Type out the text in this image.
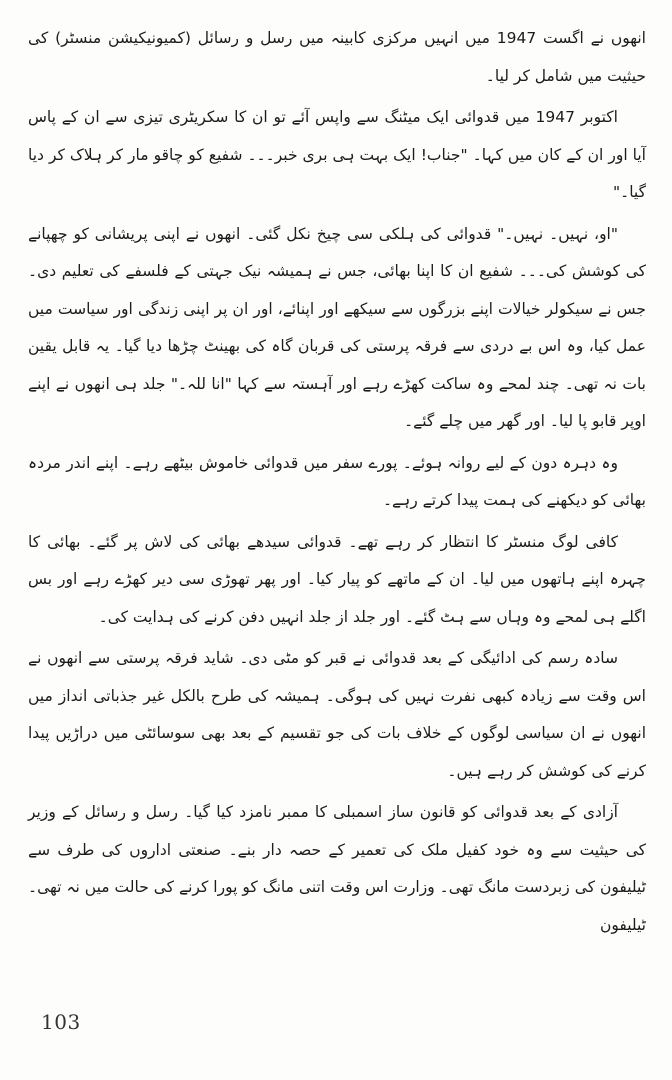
انھوں نے اگست 1947 میں انہیں مرکزی کابینہ میں رسل و رسائل (کمیونیکیشن منسٹر) کی حیثیت میں شامل کر لیا۔

اکتوبر 1947 میں قدوائی ایک میٹنگ سے واپس آئے تو ان کا سکریٹری تیزی سے ان کے پاس آیا اور ان کے کان میں کہا۔ "جناب! ایک بہت ہی بری خبر۔۔۔ شفیع کو چاقو مار کر ہلاک کر دیا گیا۔"

"او، نہیں۔ نہیں۔" قدوائی کی ہلکی سی چیخ نکل گئی۔ انھوں نے اپنی پریشانی کو چھپانے کی کوشش کی۔۔۔ شفیع ان کا اپنا بھائی، جس نے ہمیشہ نیک جہتی کے فلسفے کی تعلیم دی۔ جس نے سیکولر خیالات اپنے بزرگوں سے سیکھے اور اپنائے، اور ان پر اپنی زندگی اور سیاست میں عمل کیا، وہ اس بے دردی سے فرقہ پرستی کی قربان گاہ کی بھینٹ چڑھا دیا گیا۔ یہ قابل یقین بات نہ تھی۔ چند لمحے وہ ساکت کھڑے رہے اور آہستہ سے کہا "انا للہ۔" جلد ہی انھوں نے اپنے اوپر قابو پا لیا۔ اور گھر میں چلے گئے۔

وہ دہرہ دون کے لیے روانہ ہوئے۔ پورے سفر میں قدوائی خاموش بیٹھے رہے۔ اپنے اندر مردہ بھائی کو دیکھنے کی ہمت پیدا کرتے رہے۔

کافی لوگ منسٹر کا انتظار کر رہے تھے۔ قدوائی سیدھے بھائی کی لاش پر گئے۔ بھائی کا چہرہ اپنے ہاتھوں میں لیا۔ ان کے ماتھے کو پیار کیا۔ اور پھر تھوڑی سی دیر کھڑے رہے اور بس اگلے ہی لمحے وہ وہاں سے ہٹ گئے۔ اور جلد از جلد انہیں دفن کرنے کی ہدایت کی۔

سادہ رسم کی ادائیگی کے بعد قدوائی نے قبر کو مٹی دی۔ شاید فرقہ پرستی سے انھوں نے اس وقت سے زیادہ کبھی نفرت نہیں کی ہوگی۔ ہمیشہ کی طرح بالکل غیر جذباتی انداز میں انھوں نے ان سیاسی لوگوں کے خلاف بات کی جو تقسیم کے بعد بھی سوسائٹی میں دراڑیں پیدا کرنے کی کوشش کر رہے ہیں۔

آزادی کے بعد قدوائی کو قانون ساز اسمبلی کا ممبر نامزد کیا گیا۔ رسل و رسائل کے وزیر کی حیثیت سے وہ خود کفیل ملک کی تعمیر کے حصہ دار بنے۔ صنعتی اداروں کی طرف سے ٹیلیفون کی زبردست مانگ تھی۔ وزارت اس وقت اتنی مانگ کو پورا کرنے کی حالت میں نہ تھی۔ ٹیلیفون

103
